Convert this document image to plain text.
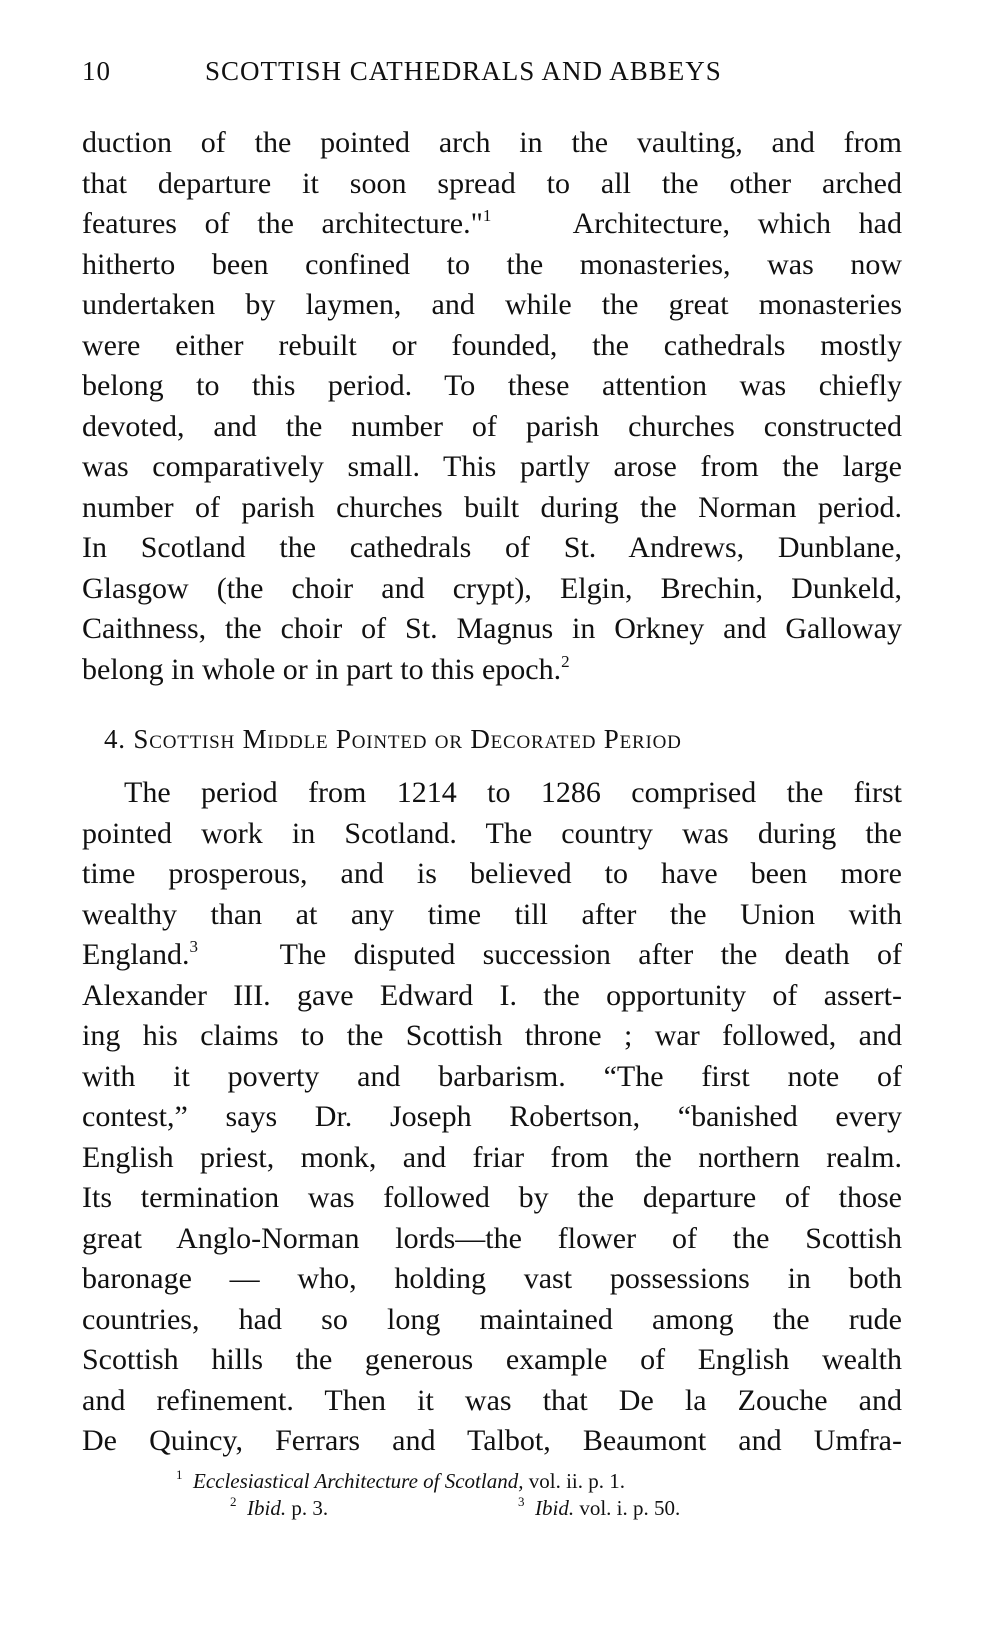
10	SCOTTISH CATHEDRALS AND ABBEYS
duction of the pointed arch in the vaulting, and from
that departure it soon spread to all the other arched
features of the architecture."$^1$	Architecture, which had
hitherto been confined to the monasteries, was now
undertaken by laymen, and while the great monasteries
were either rebuilt or founded, the cathedrals mostly
belong to this period. To these attention was chiefly
devoted, and the number of parish churches constructed
was comparatively small. This partly arose from the large
number of parish churches built during the Norman period.
In Scotland the cathedrals of St. Andrews, Dunblane,
Glasgow (the choir and crypt), Elgin, Brechin, Dunkeld,
Caithness, the choir of St. Magnus in Orkney and Galloway
belong in whole or in part to this epoch.$^2$
4. Scottish Middle Pointed or Decorated Period
The period from 1214 to 1286 comprised the first
pointed work in Scotland. The country was during the
time prosperous, and is believed to have been more
wealthy than at any time till after the Union with
England.$^3$	The disputed succession after the death of
Alexander III. gave Edward I. the opportunity of assert-
ing his claims to the Scottish throne ; war followed, and
with it poverty and barbarism. “The first note of
contest,” says Dr. Joseph Robertson, “banished every
English priest, monk, and friar from the northern realm.
Its termination was followed by the departure of those
great Anglo-Norman lords—the flower of the Scottish
baronage — who, holding vast possessions in both
countries, had so long maintained among the rude
Scottish hills the generous example of English wealth
and refinement. Then it was that De la Zouche and
De Quincy, Ferrars and Talbot, Beaumont and Umfra-
$^1$ Ecclesiastical Architecture of Scotland, vol. ii. p. 1.
$^2$ Ibid. p. 3.	$^3$ Ibid. vol. i. p. 50.
